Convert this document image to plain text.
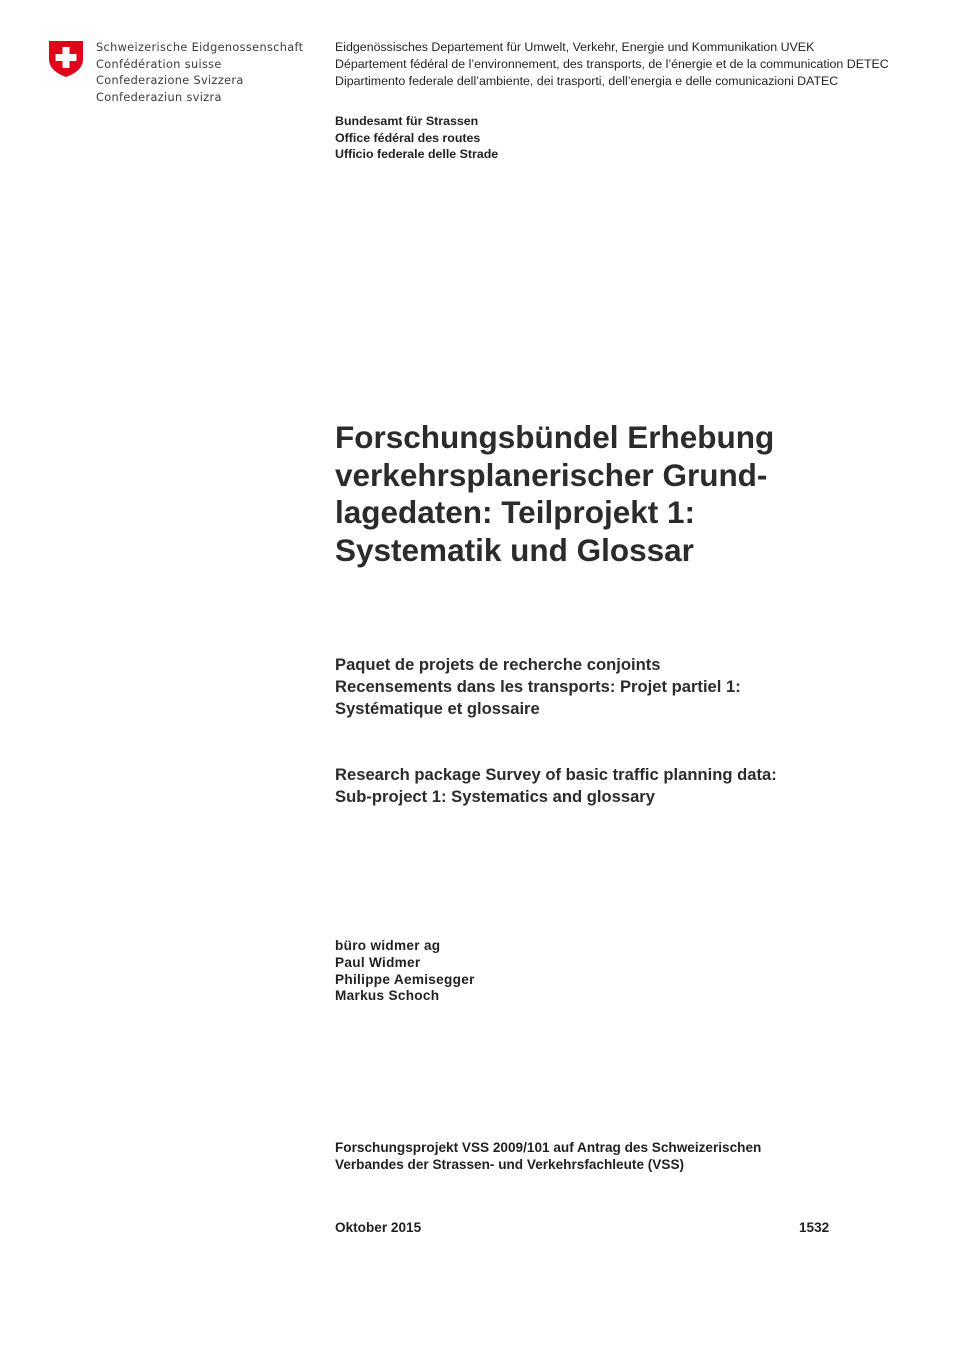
Schweizerische Eidgenossenschaft
Confédération suisse
Confederazione Svizzera
Confederaziun svizra
Eidgenössisches Departement für Umwelt, Verkehr, Energie und Kommunikation UVEK
Département fédéral de l’environnement, des transports, de l’énergie et de la communication DETEC
Dipartimento federale dell’ambiente, dei trasporti, dell’energia e delle comunicazioni DATEC
Bundesamt für Strassen
Office fédéral des routes
Ufficio federale delle Strade
Forschungsbündel Erhebung
verkehrsplanerischer Grund-
lagedaten: Teilprojekt 1:
Systematik und Glossar
Paquet de projets de recherche conjoints
Recensements dans les transports: Projet partiel 1:
Systématique et glossaire
Research package Survey of basic traffic planning data:
Sub-project 1: Systematics and glossary
büro widmer ag
Paul Widmer
Philippe Aemisegger
Markus Schoch
Forschungsprojekt VSS 2009/101 auf Antrag des Schweizerischen
Verbandes der Strassen- und Verkehrsfachleute (VSS)
Oktober 2015	1532
